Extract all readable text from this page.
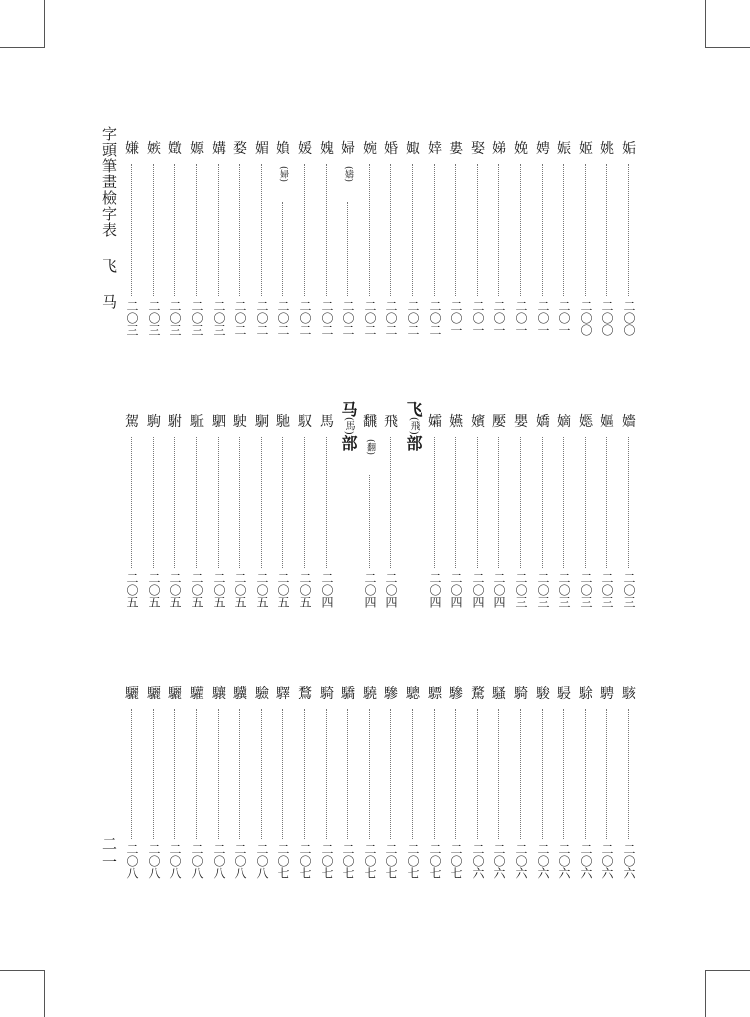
字頭筆畫檢字表 飞 马
二一
姤
二〇〇
姚
二〇〇
姬
二〇〇
娠
二〇一
娉
二〇一
娩
二〇一
娣
二〇一
娶
二〇一
婁
二〇一
婞
二〇二
娵
二〇二
婚
二〇二
婉
二〇二
婦
(嬦)
二〇二
媿
二〇二
媛
二〇二
媍
(婦)
二〇二
媚
二〇二
婺
二〇二
媾
二〇三
嫄
二〇三
嬍
二〇三
嫉
二〇三
嫌
二〇三
嬙
二〇三
嫗
二〇三
嫕
二〇三
嫡
二〇三
嬌
二〇三
嬰
二〇三
嬮
二〇四
嬪
二〇四
嬿
二〇四
孀
二〇四
飞(飛)部
飛
二〇四
飜
(翻)
二〇四
马(馬)部
馬
二〇四
馭
二〇五
馳
二〇五
駉
二〇五
駛
二〇五
駟
二〇五
駈
二〇五
駙
二〇五
駒
二〇五
駕
二〇五
駭
二〇六
騁
二〇六
駼
二〇六
駸
二〇六
駿
二〇六
騎
二〇六
騷
二〇六
騖
二〇六
驂
二〇七
驃
二〇七
驄
二〇七
驂
二〇七
驍
二〇七
驕
二〇七
騎
二〇七
鶩
二〇七
驛
二〇七
驗
二〇八
驥
二〇八
驤
二〇八
驩
二〇八
驪
二〇八
驪
二〇八
驪
二〇八
